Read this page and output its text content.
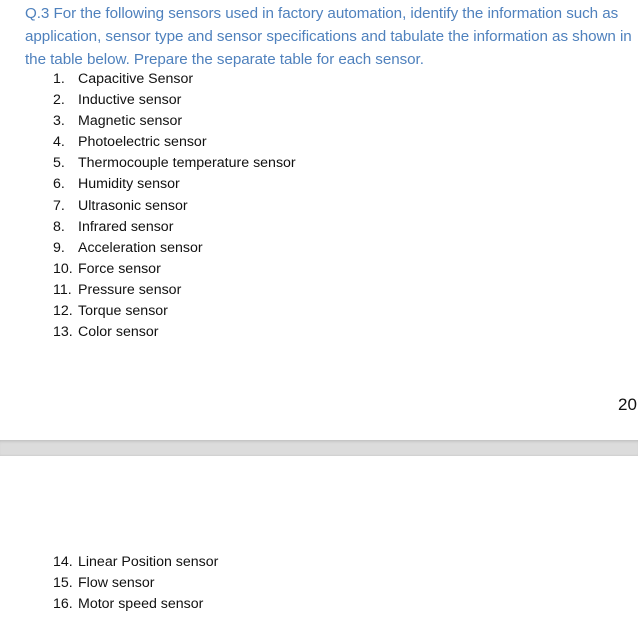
Q.3 For the following sensors used in factory automation, identify the information such as application, sensor type and sensor specifications and tabulate the information as shown in the table below. Prepare the separate table for each sensor.

1. Capacitive Sensor
2. Inductive sensor
3. Magnetic sensor
4. Photoelectric sensor
5. Thermocouple temperature sensor
6. Humidity sensor
7. Ultrasonic sensor
8. Infrared sensor
9. Acceleration sensor
10. Force sensor
11. Pressure sensor
12. Torque sensor
13. Color sensor
20
14. Linear Position sensor
15. Flow sensor
16. Motor speed sensor
